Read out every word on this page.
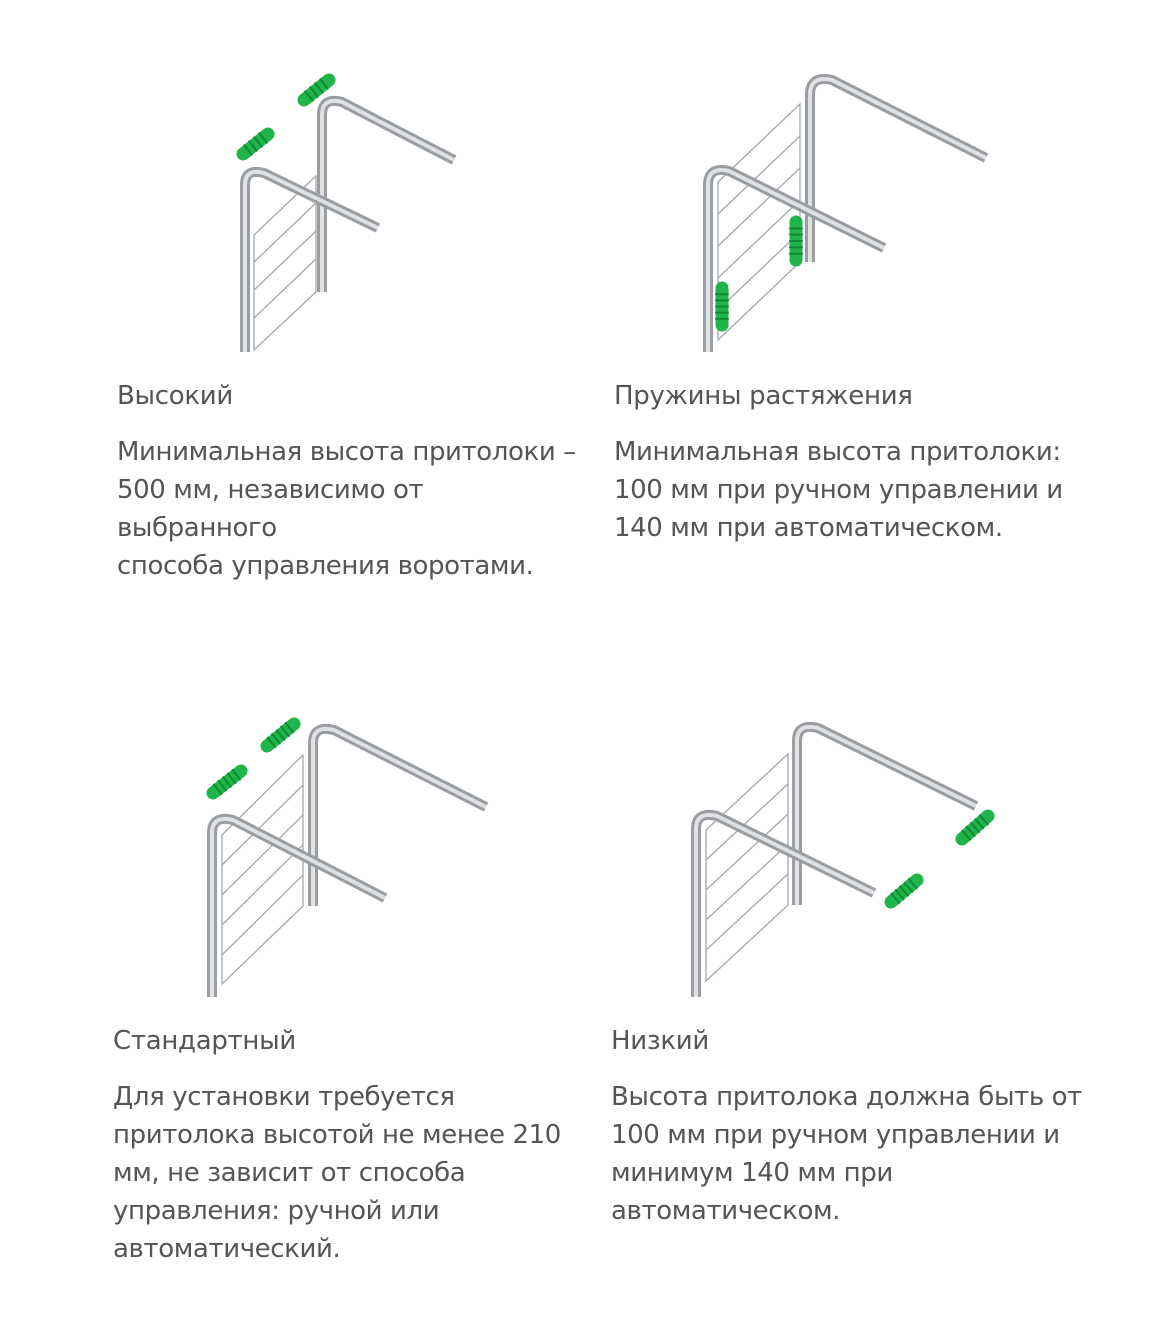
Высокий
Минимальная высота притолоки –
500 мм, независимо от выбранного
способа управления воротами.
Пружины растяжения
Минимальная высота притолоки:
100 мм при ручном управлении и
140 мм при автоматическом.
Стандартный
Для установки требуется
притолока высотой не менее 210
мм, не зависит от способа
управления: ручной или
автоматический.
Низкий
Высота притолока должна быть от
100 мм при ручном управлении и
минимум 140 мм при
автоматическом.
